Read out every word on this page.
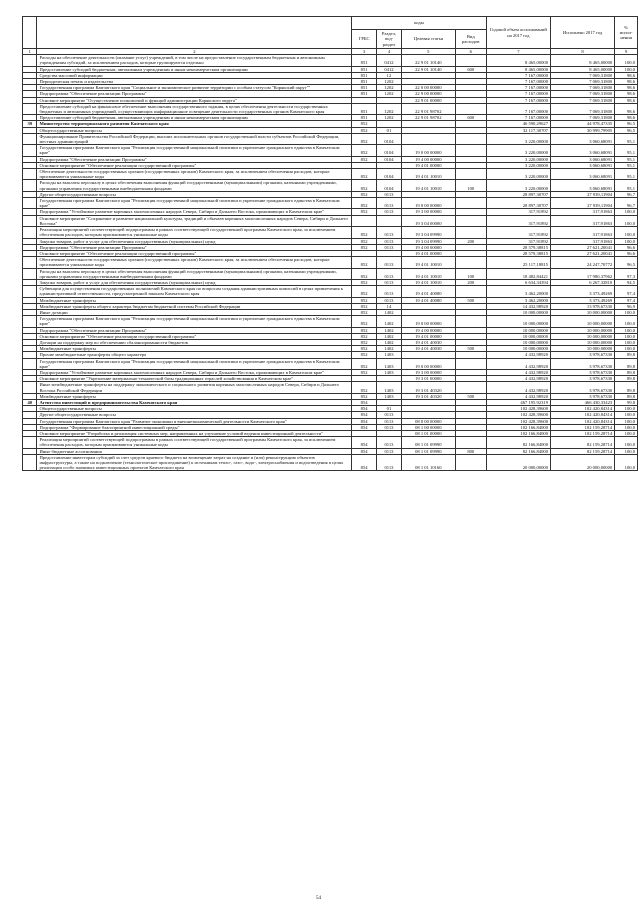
		коды				Годовой объем ассигнований на 2017 год	Исполнено 2017 год	% испол-нения
		ГРБС	Раздел, под-раздел	Целевая статья	Вид расходов			
1	2	3	4	5	6	7	8	9
	Расходы на обеспечение деятельности (оказание услуг) учреждений, в том числе на предоставление государственным бюджетным и автономным учреждениям субсидий, за исключением расходов, которые группируются отдельно	851	0412	22 9 01 10140		8 465,00000	8 465,00000	100,0
	Предоставление субсидий бюджетным, автономным учреждениям и иным некоммерческим организациям	851	0412	22 9 01 10140	600	8 465,00000	8 465,00000	100,0
	Средства массовой информации	851	12			7 167,00000	7 069,31800	98,6
	Периодическая печать и издательства	851	1202			7 167,00000	7 069,31800	98,6
	Государственная программа Камчатского края "Социальное и экономическое развитие территории с особым статусом "Корякский округ""	851	1202	22 0 00 00000		7 167,00000	7 069,31800	98,6
	Подпрограмма "Обеспечение реализации Программы"	851	1202	22 9 00 00000		7 167,00000	7 069,31800	98,6
	Основное мероприятие "Осуществление полномочий и функций администрации Корякского округа"			22 9 01 00000		7 167,00000	7 069,31800	98,6
	Предоставление субсидий на финансовое обеспечение выполнения государственного задания, в целях обеспечения деятельности государственных бюджетных и автономных учреждений, осуществляющих информационное освещение деятельности государственных органов Камчатского края	851	1202	22 9 01 98702		7 167,00000	7 069,31800	98,6
	Предоставление субсидий бюджетным, автономным учреждениям и иным некоммерческим организациям	851	1202	22 9 01 98702	600	7 167,00000	7 069,31800	98,6
39	Министерство территориального развития Камчатского края	852				46 590,29627	44 978,47335	96,5
	Общегосударственные вопросы	852	01			32 117,30707	30 999,79905	96,5
	Функционирование Правительства Российской Федерации, высших исполнительных органов государственной власти субъектов Российской Федерации, местных администраций	852	0104			3 220,00000	3 060,68091	95,1
	Государственная программа Камчатского края "Реализация государственной национальной политики и укрепление гражданского единства в Камчатском крае"	852	0104	19 0 00 00000		3 220,00000	3 060,68091	95,1
	Подпрограмма "Обеспечение реализации Программы"	852	0104	19 4 00 00000		3 220,00000	3 060,68091	95,1
	Основное мероприятие "Обеспечение реализации государственной программы"			19 4 01 00000		3 220,00000	3 060,68091	95,1
	Обеспечение деятельности государственных органов (государственных органов) Камчатского края, за исключением обеспечения расходов, которые присваиваются уникальные коды	852	0104	19 4 01 10010		3 220,00000	3 060,68091	95,1
	Расходы на выплаты персоналу в целях обеспечения выполнения функций государственными (муниципальными) органами, казенными учреждениями, органами управления государственными внебюджетными фондами	852	0104	19 4 01 10010	100	3 220,00000	3 060,68091	95,1
	Другие общегосударственные вопросы	852	0113			28 897,30707	27 939,11904	96,7
	Государственная программа Камчатского края "Реализация государственной национальной политики и укрепление гражданского единства в Камчатском крае"	852	0113	19 0 00 00000		28 897,30707	27 939,11904	96,7
	Подпрограмма "Устойчивое развитие коренных малочисленных народов Севера, Сибири и Дальнего Востока, проживающих в Камчатском крае"	852	0113	19 3 00 00000		317,91892	317,91863	100,0
	Основное мероприятие "Сохранение и развитие национальной культуры, традиций и обычаев коренных малочисленных народов Севера, Сибири и Дальнего Востока"			19 3 04 00000		317,91892	317,91863	100,0
	Реализация мероприятий соответствующей подпрограммы в рамках соответствующей государственной программы Камчатского края, за исключением обеспечения расходов, которым присваиваются уникальные коды	852	0113	19 3 04 09990		317,91892	317,91863	100,0
	Закупка товаров, работ и услуг для обеспечения государственных (муниципальных) нужд	852	0113	19 3 04 09990	200	317,91892	317,91863	100,0
	Подпрограмма "Обеспечение реализации Программы"	852	0113	19 4 00 00000		28 579,38815	27 621,20041	96,6
	Основное мероприятие "Обеспечение реализации государственной программы"			19 4 01 00000		28 579,38815	27 621,20041	96,6
	Обеспечение деятельности государственных органов (государственных органов) Камчатского края, за исключением обеспечения расходов, которые присваиваются уникальные коды	852	0113	19 4 01 10010		25 117,18815	24 247,70772	96,5
	Расходы на выплаты персоналу в целях обеспечения выполнения функций государственными (муниципальными) органами, казенными учреждениями, органами управления государственными внебюджетными фондами	852	0113	19 4 01 10010	100	18 482,84421	17 980,37962	97,3
	Закупка товаров, работ и услуг для обеспечения государственных (муниципальных) нужд	852	0113	19 4 01 10010	200	6 634,34394	6 267,32810	94,5
	Субвенции для осуществления государственных полномочий Камчатского края по вопросам создания административных комиссий в целях привлечения к административной ответственности, предусмотренной законом Камчатского края	852	0113	19 4 01 40080		3 462,20000	3 373,49269	97,4
	Межбюджетные трансферты	852	0113	19 4 01 40080	500	3 462,20000	3 373,49269	97,4
	Межбюджетные трансферты общего характера бюджетам бюджетной системы Российской Федерации	852	14			14 432,98920	13 978,67330	96,9
	Иные дотации	852	1402			10 000,00000	10 000,00000	100,0
	Государственная программа Камчатского края "Реализация государственной национальной политики и укрепление гражданского единства в Камчатском крае"	852	1402	19 0 00 00000		10 000,00000	10 000,00000	100,0
	Подпрограмма "Обеспечение реализации Программы"	852	1402	19 4 00 00000		10 000,00000	10 000,00000	100,0
	Основное мероприятие "Обеспечение реализации государственной программы"	852	1402	19 4 01 00000		10 000,00000	10 000,00000	100,0
	Дотации на поддержку мер по обеспечению сбалансированности бюджетов	852	1402	19 4 01 40030		10 000,00000	10 000,00000	100,0
	Межбюджетные трансферты	852	1402	19 4 01 40030	500	10 000,00000	10 000,00000	100,0
	Прочие межбюджетные трансферты общего характера	852	1403			4 432,98920	3 978,67330	89,8
	Государственная программа Камчатского края "Реализация государственной национальной политики и укрепление гражданского единства в Камчатском крае"	852	1403	19 0 00 00000		4 432,98920	3 978,67330	89,8
	Подпрограмма "Устойчивое развитие коренных малочисленных народов Севера, Сибири и Дальнего Востока, проживающих в Камчатском крае"	852	1403	19 3 00 00000		4 432,98920	3 978,67330	89,8
	Основное мероприятие "Укрепление материально-технической базы традиционных отраслей хозяйствования в Камчатском крае"			19 3 01 00000		4 432,98920	3 978,67330	89,8
	Иные межбюджетные трансферты на поддержку экономического и социального развития коренных малочисленных народов Севера, Сибири и Дальнего Востока Российской Федерации	852	1403	19 3 01 40320		4 432,98920	3 978,67330	89,8
	Межбюджетные трансферты	852	1403	19 3 01 40320	500	4 432,98920	3 978,67330	89,8
40	Агентство инвестиций и предпринимательства Камчатского края	854				467 195,92319	466 430,33423	99,8
	Общегосударственные вопросы	854	01			102 428,39600	102 420,84314	100,0
	Другие общегосударственные вопросы	854	0113			102 428,39600	102 420,84314	100,0
	Государственная программа Камчатского края "Развитие экономики и внешнеэкономической деятельности Камчатского края"	854	0113	08 0 00 00000		102 428,39600	102 420,84314	100,0
	Подпрограмма "Формирование благоприятной инвестиционной среды"	854	0113	08 1 00 00000		102 166,84000	102 159,28714	100,0
	Основное мероприятие "Разработка и реализация системных мер, направленных на улучшение условий ведения инвестиционной деятельности"			08 1 01 00000		102 166,84000	102 159,28714	100,0
	Реализация мероприятий соответствующей подпрограммы в рамках соответствующей государственной программы Камчатского края, за исключением обеспечения расходов, которым присваиваются уникальные коды	854	0113	08 1 01 09990		82 166,84000	82 159,28714	100,0
	Иные бюджетные ассигнования	854	0113	08 1 01 09990	800	82 166,84000	82 159,28714	100,0
	Предоставление инвесторам субсидий за счет средств краевого бюджета на возмещение затрат на создание и (или) реконструкцию объектов инфраструктуры, а также на подключение (технологическое присоединение) к источникам тепло-, газо-, водо-, электроснабжения и водоотведения в целях реализации особо значимых инвестиционных проектов Камчатского края	854	0113	08 1 01 10160		20 000,00000	20 000,00000	100,0
54
